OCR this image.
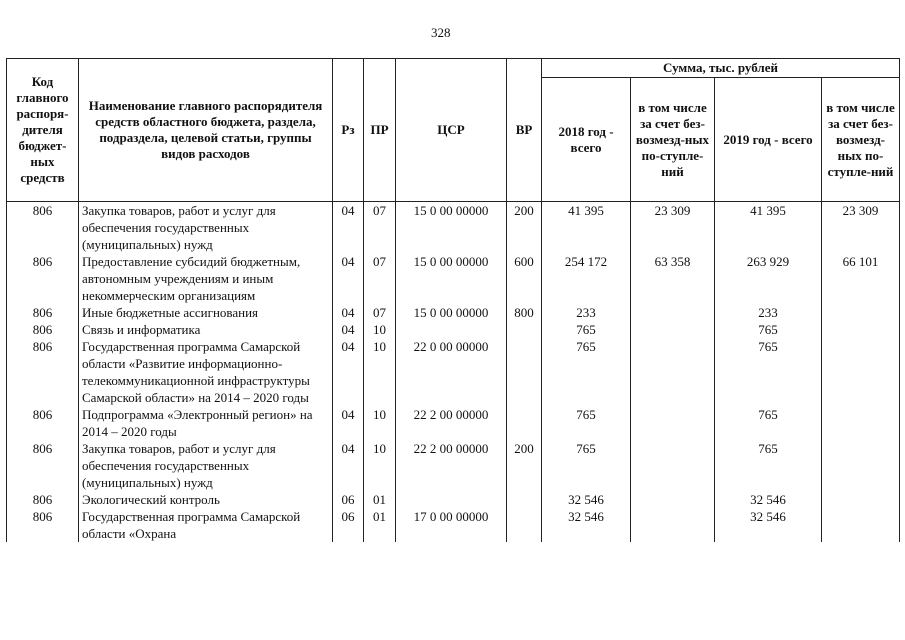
328
Код главного распоря-дителя бюджет-ных средств	Наименование главного распорядителя средств областного бюджета, раздела, подраздела, целевой статьи, группы видов расходов	Рз	ПР	ЦСР	ВР	Сумма, тыс. рублей			
						2018 год - всего	в том числе за счет без-возмезд-ных по-ступле-ний	2019 год - всего	в том числе за счет без-возмезд-ных по-ступле-ний
806	Закупка товаров, работ и услуг для обеспечения государственных (муниципальных) нужд	04	07	15 0 00 00000	200	41 395	23 309	41 395	23 309
806	Предоставление субсидий бюджетным, автономным учреждениям и иным некоммерческим организациям	04	07	15 0 00 00000	600	254 172	63 358	263 929	66 101
806	Иные бюджетные ассигнования	04	07	15 0 00 00000	800	233		233	
806	Связь и информатика	04	10			765		765	
806	Государственная программа Самарской области «Развитие информационно-телекоммуникационной инфраструктуры Самарской области» на 2014 – 2020 годы	04	10	22 0 00 00000		765		765	
806	Подпрограмма «Электронный регион» на 2014 – 2020 годы	04	10	22 2 00 00000		765		765	
806	Закупка товаров, работ и услуг для обеспечения государственных (муниципальных) нужд	04	10	22 2 00 00000	200	765		765	
806	Экологический контроль	06	01			32 546		32 546	
806	Государственная программа Самарской области «Охрана	06	01	17 0 00 00000		32 546		32 546	
